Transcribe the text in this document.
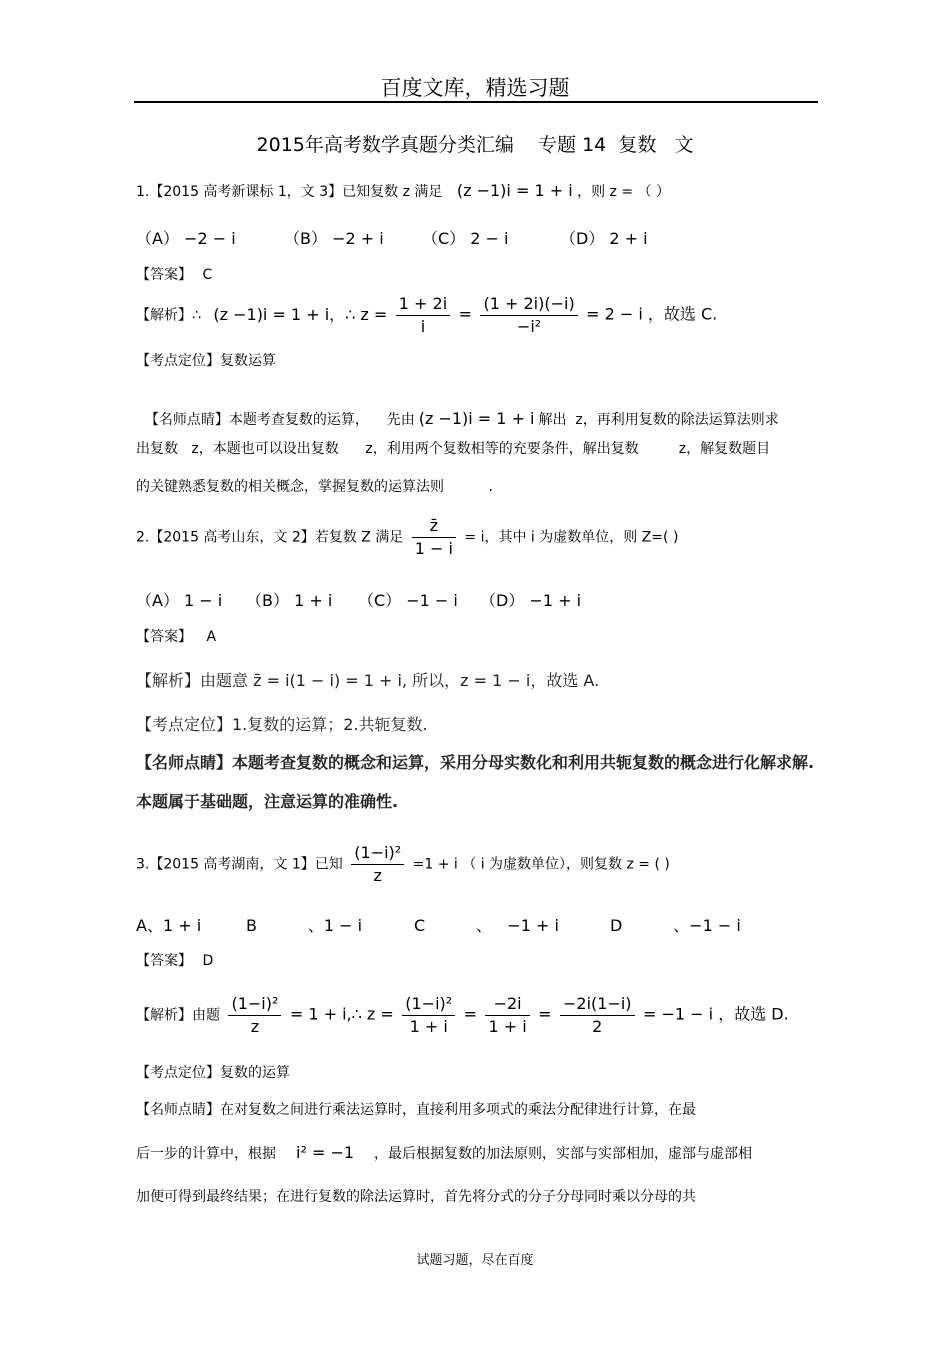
百度文库，精选习题
2015年高考数学真题分类汇编    专题 14  复数   文
1.【2015 高考新课标 1，文 3】已知复数 z 满足 (z −1)i = 1 + i ，则 z = （ ）
（A） −2 − i	（B） −2 + i （C） 2 − i	（D） 2 + i
【答案】 C
【解析】∴ (z −1)i = 1 + i，∴ $z = \frac{1 + 2i}{i} = \frac{(1 + 2i)(-i)}{\text{−i²}} = 2 - i$ ，故选 C.
【考点定位】复数运算

【名师点睛】本题考查复数的运算，    先由 (z −1)i = 1 + i 解出  z，再利用复数的除法运算法则求

出复数   z，本题也可以设出复数      z，利用两个复数相等的充要条件，解出复数         z，解复数题目
的关键熟悉复数的相关概念，掌握复数的运算法则          .
2.【2015 高考山东，文 2】若复数 Z 满足 $\frac{z̄}{1 - i} = i$，其中 i 为虚数单位，则 Z=( )
（A） 1 − i （B） 1 + i （C） −1 − i （D） −1 + i
【答案】 A
【解析】由题意 z̄ = i(1 − i) = 1 + i, 所以，z = 1 − i，故选 A.
【考点定位】1.复数的运算；2.共轭复数.
【名师点睛】本题考查复数的概念和运算，采用分母实数化和利用共轭复数的概念进行化解求解.
本题属于基础题，注意运算的准确性.
3.【2015 高考湖南，文 1】已知 $\frac{\text{(1−i)²}}{z} =1 + i$ （ i 为虚数单位），则复数 z = ( )
A、1 + i	B          、1 − i	C          、   −1 + i	D          、−1 − i
【答案】 D
【解析】由题 $\frac{\text{(1−i)²}}{z} = 1$ + i,∴ $z = \frac{\text{(1−i)²}}{1 + i} = \frac{-2i}{1 + i} = \frac{-2i(1-i)}{2} = -1 - i$ ，故选 D.
【考点定位】复数的运算
【名师点睛】在对复数之间进行乘法运算时，直接利用多项式的乘法分配律进行计算，在最
后一步的计算中，根据 i² = −1 ，最后根据复数的加法原则，实部与实部相加，虚部与虚部相
加便可得到最终结果；在进行复数的除法运算时，首先将分式的分子分母同时乘以分母的共
试题习题，尽在百度
